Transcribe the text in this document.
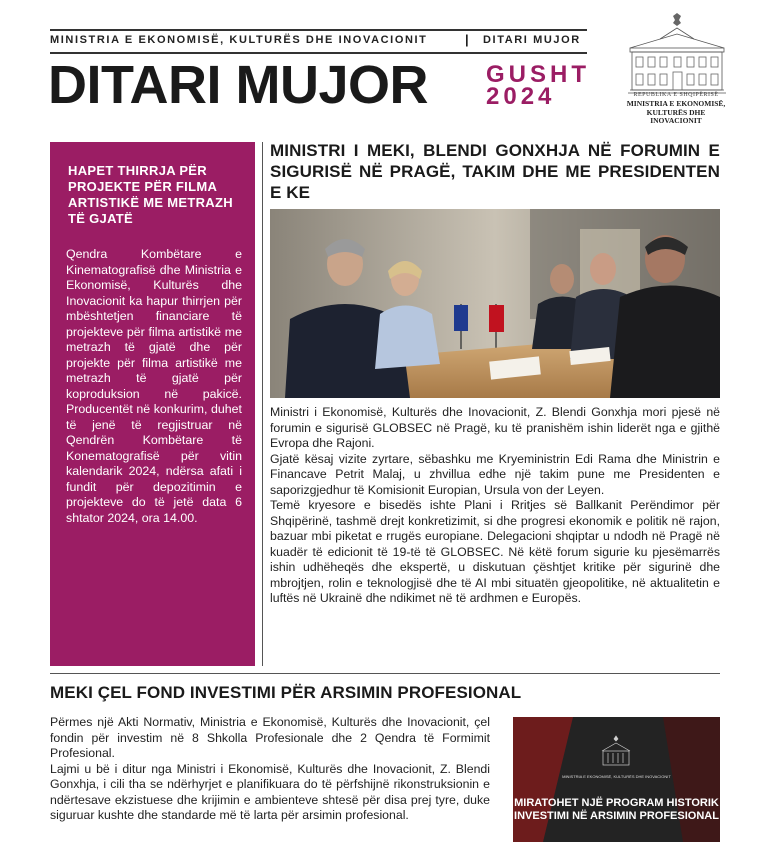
MINISTRIA E EKONOMISË, KULTURËS DHE INOVACIONIT	| DITARI MUJOR
DITARI MUJOR GUSHT
2024	REPUBLIKA E SHQIPËRISË
MINISTRIA E EKONOMISË,
KULTURËS DHE INOVACIONIT
HAPET THIRRJA PËR PROJEKTE PËR FILMA ARTISTIKË ME METRAZH TË GJATË
Qendra Kombëtare e Kinematografisë dhe Ministria e Ekonomisë, Kulturës dhe Inovacionit ka hapur thirrjen për mbështetjen financiare të projekteve për filma artistikë me metrazh të gjatë dhe për projekte për filma artistikë me metrazh të gjatë për koproduksion në pakicë. Producentët në konkurim, duhet të jenë të regjistruar në Qendrën Kombëtare të Konematografisë për vitin kalendarik 2024, ndërsa afati i fundit për depozitimin e projekteve do të jetë data 6 shtator 2024, ora 14.00.
MINISTRI I MEKI, BLENDI GONXHJA NË FORUMIN E SIGURISË NË PRAGË, TAKIM DHE ME PRESIDENTEN E KE

Ministri i Ekonomisë, Kulturës dhe Inovacionit, Z. Blendi Gonxhja mori pjesë në forumin e sigurisë GLOBSEC në Pragë, ku të pranishëm ishin liderët nga e gjithë Evropa dhe Rajoni.

Gjatë kësaj vizite zyrtare, sëbashku me Kryeministrin Edi Rama dhe Ministrin e Financave Petrit Malaj, u zhvillua edhe një takim pune me Presidenten e saporizgjedhur të Komisionit Europian, Ursula von der Leyen.

Temë kryesore e bisedës ishte Plani i Rritjes së Ballkanit Perëndimor për Shqipërinë, tashmë drejt konkretizimit, si dhe progresi ekonomik e politik në rajon, bazuar mbi piketat e rrugës europiane. Delegacioni shqiptar u ndodh në Pragë në kuadër të edicionit të 19-të të GLOBSEC. Në këtë forum sigurie ku pjesëmarrës ishin udhëheqës dhe ekspertë, u diskutuan çështjet kritike për sigurinë dhe mbrojtjen, rolin e teknologjisë dhe të AI mbi situatën gjeopolitike, në aktualitetin e luftës në Ukrainë dhe ndikimet në të ardhmen e Europës.

MEKI ÇEL FOND INVESTIMI PËR ARSIMIN PROFESIONAL

Përmes një Akti Normativ, Ministria e Ekonomisë, Kulturës dhe Inovacionit, çel fondin për investim në 8 Shkolla Profesionale dhe 2 Qendra të Formimit Profesional.

Lajmi u bë i ditur nga Ministri i Ekonomisë, Kulturës dhe Inovacionit, Z. Blendi Gonxhja, i cili tha se ndërhyrjet e planifikuara do të përfshijnë rikonstruksionin e ndërtesave ekzistuese dhe krijimin e ambienteve shtesë për disa prej tyre, duke siguruar kushte dhe standarde më të larta për arsimin profesional.

MINISTRIA E EKONOMISË, KULTURËS DHE INOVACIONIT
MIRATOHET NJË PROGRAM HISTORIK INVESTIMI NË ARSIMIN PROFESIONAL
